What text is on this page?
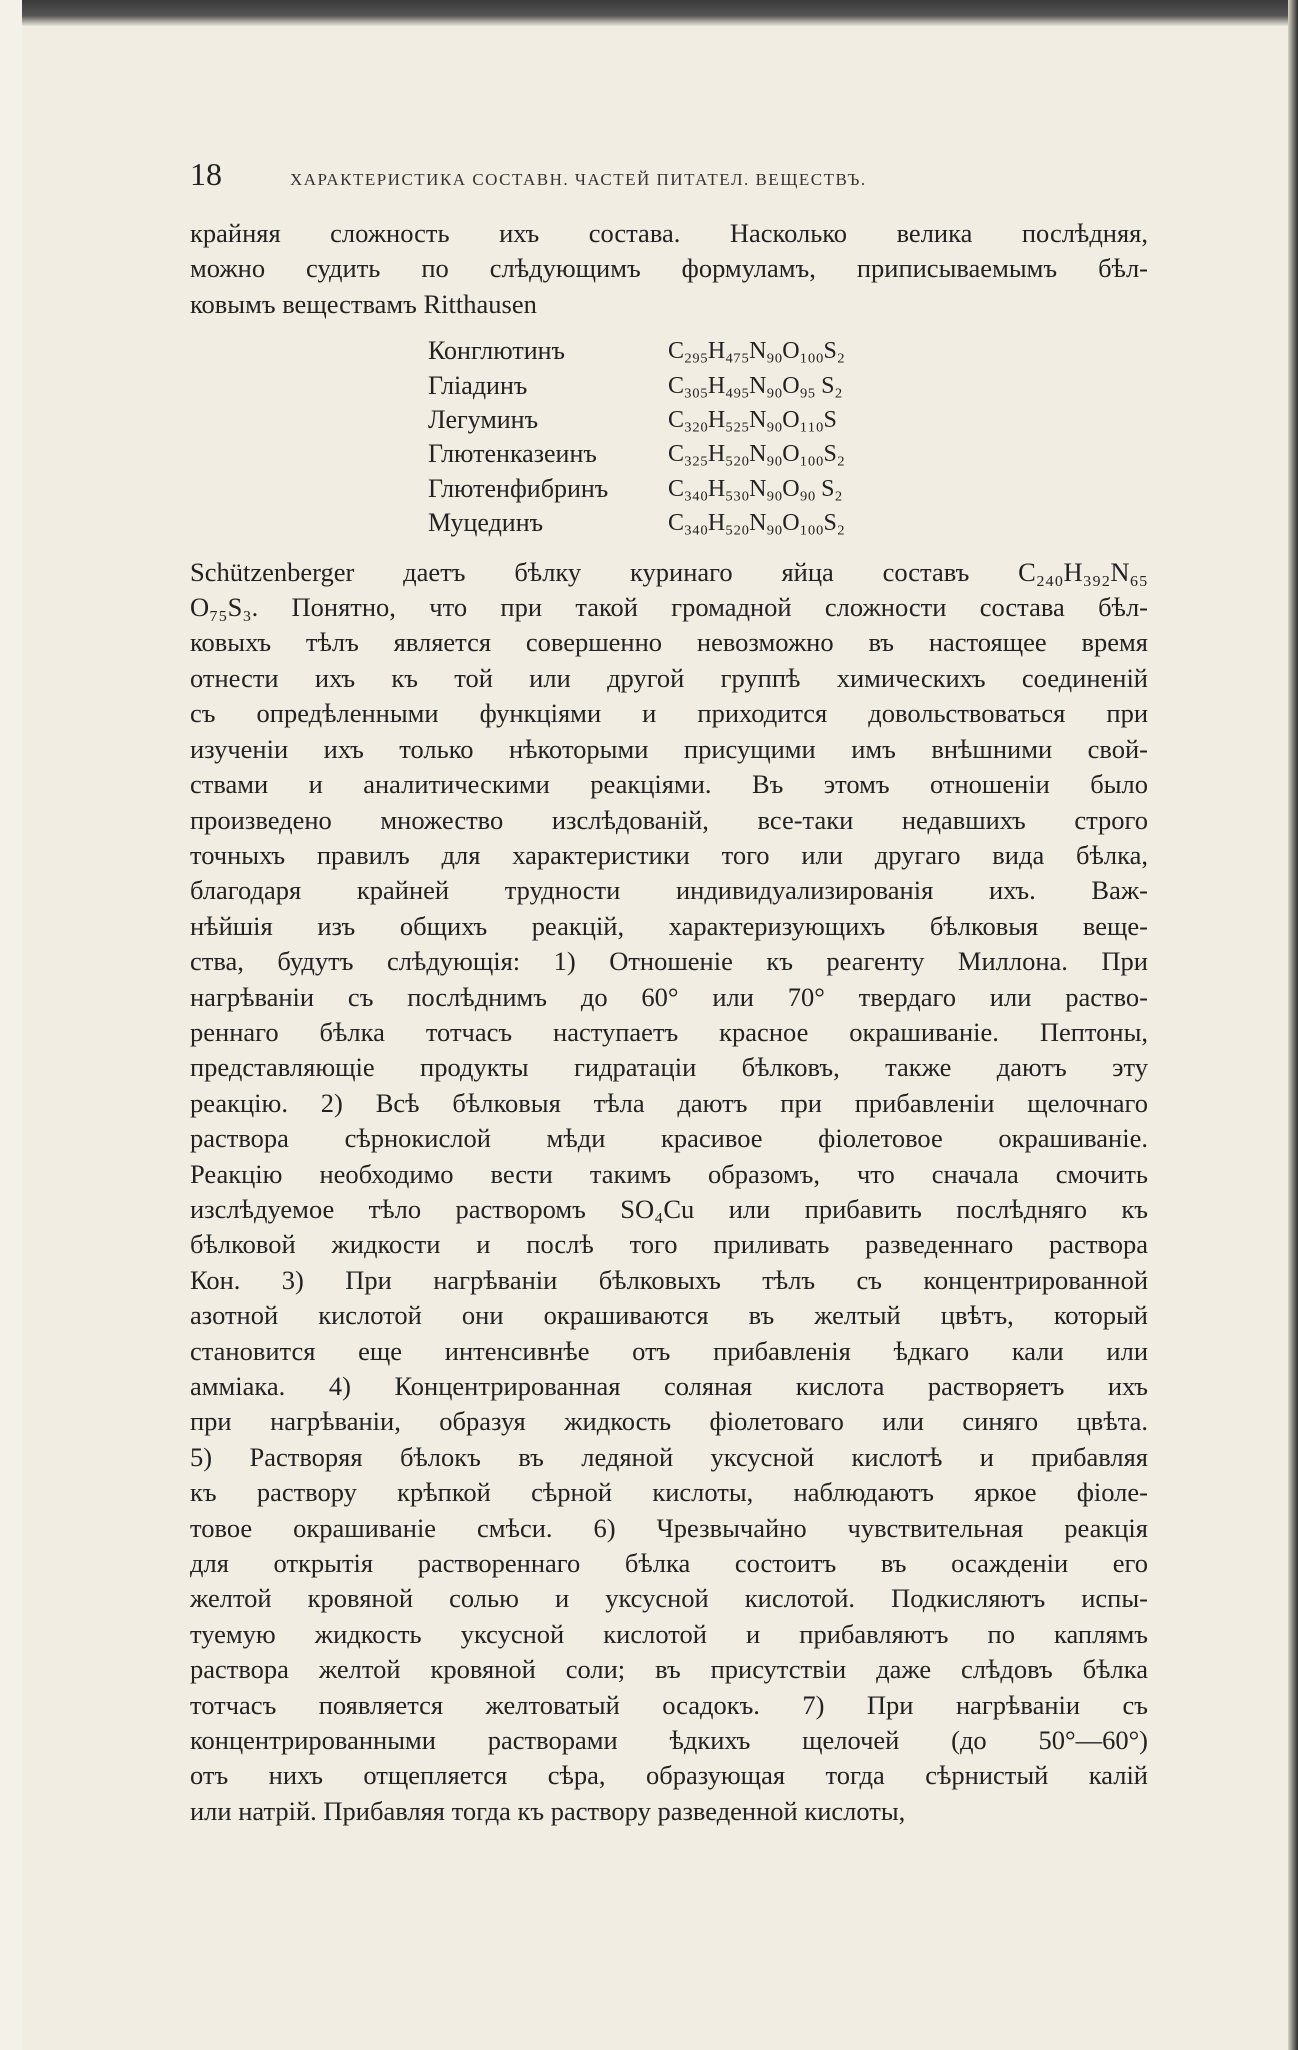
18	ХАРАКТЕРИСТИКА СОСТАВН. ЧАСТЕЙ ПИТАТЕЛ. ВЕЩЕСТВЪ.

крайняя сложность ихъ состава. Насколько велика послѣдняя,
можно судить по слѣдующимъ формуламъ, приписываемымъ бѣл-
ковымъ веществамъ Ritthausen

Конглютинъ	C₂₉₅H₄₇₅N₉₀O₁₀₀S₂
Гліадинъ	C₃₀₅H₄₉₅N₉₀O₉₅ S₂
Легуминъ	C₃₂₀H₅₂₅N₉₀O₁₁₀S
Глютенказеинъ	C₃₂₅H₅₂₀N₉₀O₁₀₀S₂
Глютенфибринъ	C₃₄₀H₅₃₀N₉₀O₉₀ S₂
Муцединъ	C₃₄₀H₅₂₀N₉₀O₁₀₀S₂

Schützenberger даетъ бѣлку куринаго яйца составъ C₂₄₀H₃₉₂N₆₅
O₇₅S₃. Понятно, что при такой громадной сложности состава бѣл-
ковыхъ тѣлъ является совершенно невозможно въ настоящее время
отнести ихъ къ той или другой группѣ химическихъ соединеній
съ опредѣленными функціями и приходится довольствоваться при
изученіи ихъ только нѣкоторыми присущими имъ внѣшними свой-
ствами и аналитическими реакціями. Въ этомъ отношеніи было
произведено множество изслѣдованій, все-таки недавшихъ строго
точныхъ правилъ для характеристики того или другаго вида бѣлка,
благодаря крайней трудности индивидуализированія ихъ. Важ-
нѣйшія изъ общихъ реакцій, характеризующихъ бѣлковыя веще-
ства, будутъ слѣдующія: 1) Отношеніе къ реагенту Миллона. При
нагрѣваніи съ послѣднимъ до 60° или 70° твердаго или раство-
реннаго бѣлка тотчасъ наступаетъ красное окрашиваніе. Пептоны,
представляющіе продукты гидратаціи бѣлковъ, также даютъ эту
реакцію. 2) Всѣ бѣлковыя тѣла даютъ при прибавленіи щелочнаго
раствора сѣрнокислой мѣди красивое фіолетовое окрашиваніе.
Реакцію необходимо вести такимъ образомъ, что сначала смочить
изслѣдуемое тѣло растворомъ SO₄Cu или прибавить послѣдняго къ
бѣлковой жидкости и послѣ того приливать разведеннаго раствора
Кон. 3) При нагрѣваніи бѣлковыхъ тѣлъ съ концентрированной
азотной кислотой они окрашиваются въ желтый цвѣтъ, который
становится еще интенсивнѣе отъ прибавленія ѣдкаго кали или
амміака. 4) Концентрированная соляная кислота растворяетъ ихъ
при нагрѣваніи, образуя жидкость фіолетоваго или синяго цвѣта.
5) Растворяя бѣлокъ въ ледяной уксусной кислотѣ и прибавляя
къ раствору крѣпкой сѣрной кислоты, наблюдаютъ яркое фіоле-
товое окрашиваніе смѣси. 6) Чрезвычайно чувствительная реакція
для открытія раствореннаго бѣлка состоитъ въ осажденіи его
желтой кровяной солью и уксусной кислотой. Подкисляютъ испы-
туемую жидкость уксусной кислотой и прибавляютъ по каплямъ
раствора желтой кровяной соли; въ присутствіи даже слѣдовъ бѣлка
тотчасъ появляется желтоватый осадокъ. 7) При нагрѣваніи съ
концентрированными растворами ѣдкихъ щелочей (до 50°—60°)
отъ нихъ отщепляется сѣра, образующая тогда сѣрнистый калій
или натрій. Прибавляя тогда къ раствору разведенной кислоты,
